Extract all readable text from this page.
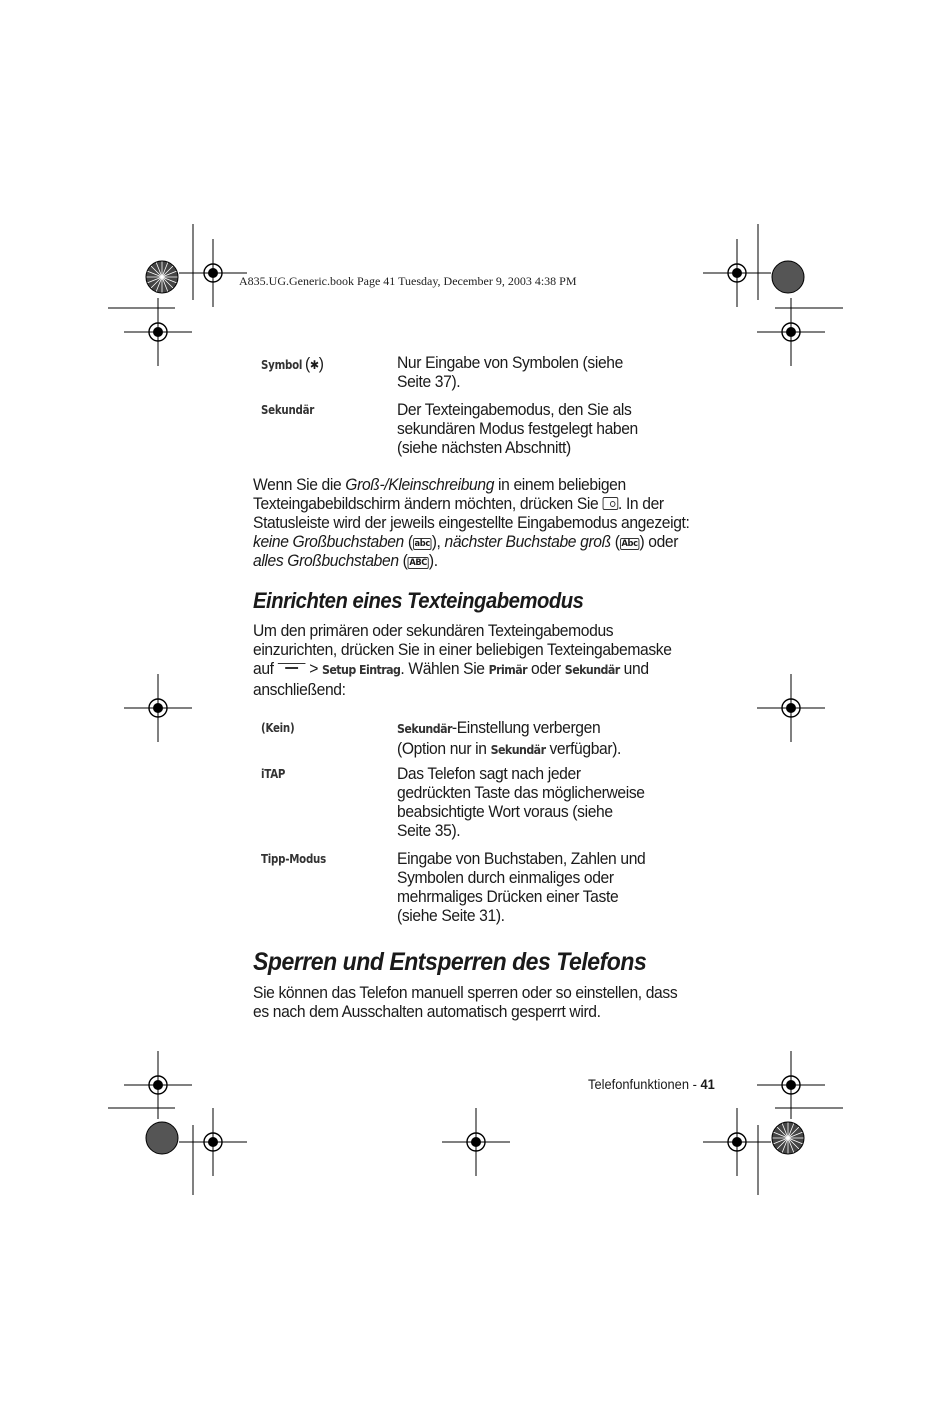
A835.UG.Generic.book Page 41 Tuesday, December 9, 2003 4:38 PM
Symbol (✱)	Nur Eingabe von Symbolen (siehe
Seite 37).
Sekundär	Der Texteingabemodus, den Sie als
sekundären Modus festgelegt haben
(siehe nächsten Abschnitt)
Wenn Sie die Groß-/Kleinschreibung in einem beliebigen
Texteingabebildschirm ändern möchten, drücken Sie . In der
Statusleiste wird der jeweils eingestellte Eingabemodus angezeigt:
keine Großbuchstaben ( abc ), nächster Buchstabe groß ( Abc ) oder
alles Großbuchstaben ( ABC ).
Einrichten eines Texteingabemodus
Um den primären oder sekundären Texteingabemodus
einzurichten, drücken Sie in einer beliebigen Texteingabemaske
auf  > Setup Eintrag. Wählen Sie Primär oder Sekundär und
anschließend:
(Kein)	Sekundär-Einstellung verbergen
(Option nur in Sekundär verfügbar).
iTAP	Das Telefon sagt nach jeder
gedrückten Taste das möglicherweise
beabsichtigte Wort voraus (siehe
Seite 35).
Tipp-Modus	Eingabe von Buchstaben, Zahlen und
Symbolen durch einmaliges oder
mehrmaliges Drücken einer Taste
(siehe Seite 31).
Sperren und Entsperren des Telefons
Sie können das Telefon manuell sperren oder so einstellen, dass
es nach dem Ausschalten automatisch gesperrt wird.
Telefonfunktionen - 41
